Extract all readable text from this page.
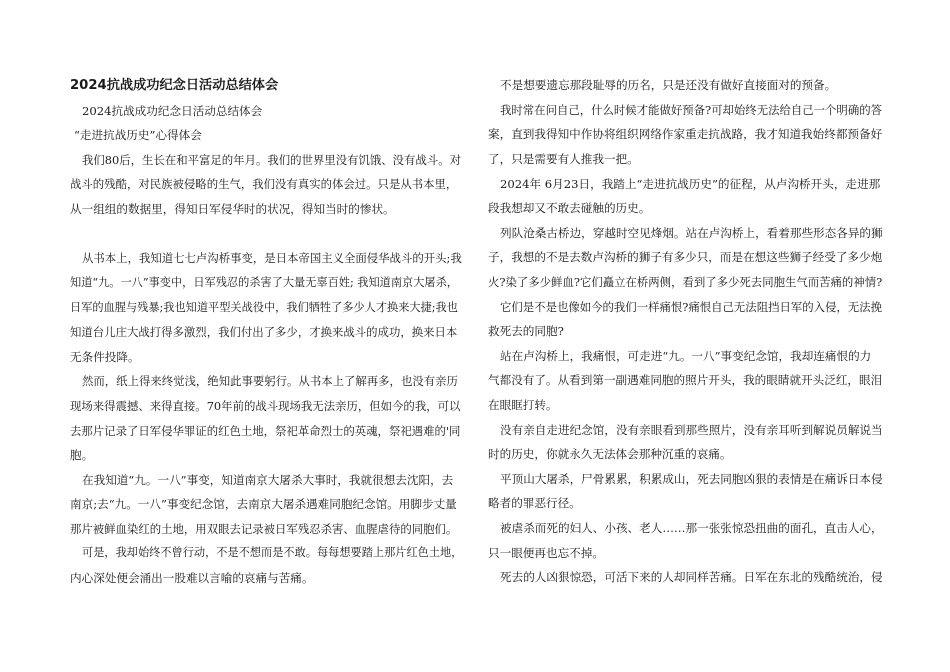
2024抗战成功纪念日活动总结体会
2024抗战成功纪念日活动总结体会
“走进抗战历史”心得体会
我们80后，生长在和平富足的年月。我们的世界里没有饥饿、没有战斗。对
战斗的残酷，对民族被侵略的生气，我们没有真实的体会过。只是从书本里，
从一组组的数据里，得知日军侵华时的状况，得知当时的惨状。
从书本上，我知道七七卢沟桥事变，是日本帝国主义全面侵华战斗的开头;我
知道“九。一八”事变中，日军残忍的杀害了大量无辜百姓; 我知道南京大屠杀，
日军的血腥与残暴;我也知道平型关战役中，我们牺牲了多少人才换来大捷;我也
知道台儿庄大战打得多激烈，我们付出了多少，才换来战斗的成功，换来日本
无条件投降。
然而，纸上得来终觉浅，绝知此事要躬行。从书本上了解再多，也没有亲历
现场来得震撼、来得直接。70年前的战斗现场我无法亲历，但如今的我，可以
去那片记录了日军侵华罪证的红色土地，祭祀革命烈士的英魂，祭祀遇难的'同
胞。
在我知道“九。一八”事变，知道南京大屠杀大事时，我就很想去沈阳，去
南京;去“九。一八”事变纪念馆，去南京大屠杀遇难同胞纪念馆。用脚步丈量
那片被鲜血染红的土地，用双眼去记录被日军残忍杀害、血腥虐待的同胞们。
可是，我却始终不曾行动，不是不想而是不敢。每每想要踏上那片红色土地，
内心深处便会涌出一股难以言喻的哀痛与苦痛。
不是想要遗忘那段耻辱的历名，只是还没有做好直接面对的预备。
我时常在问自己，什么时候才能做好预备?可却始终无法给自己一个明确的答
案，直到我得知中作协将组织网络作家重走抗战路，我才知道我始终都预备好
了，只是需要有人推我一把。
2024年 6月23日，我踏上“走进抗战历史”的征程，从卢沟桥开头，走进那
段我想却又不敢去碰触的历史。
列队沧桑古桥边，穿越时空见烽烟。站在卢沟桥上，看着那些形态各异的狮
子，我想的不是去数卢沟桥的狮子有多少只，而是在想这些狮子经受了多少炮
火?染了多少鲜血?它们矗立在桥两侧，看到了多少死去同胞生气而苦痛的神情?
它们是不是也像如今的我们一样痛恨?痛恨自己无法阻挡日军的入侵，无法挽
救死去的同胞?
站在卢沟桥上，我痛恨，可走进“九。一八”事变纪念馆，我却连痛恨的力
气都没有了。从看到第一副遇难同胞的照片开头，我的眼睛就开头泛红，眼泪
在眼眶打转。
没有亲自走进纪念馆，没有亲眼看到那些照片，没有亲耳听到解说员解说当
时的历史，你就永久无法体会那种沉重的哀痛。
平顶山大屠杀，尸骨累累，积累成山，死去同胞凶狠的表情是在痛诉日本侵
略者的罪恶行径。
被虐杀而死的妇人、小孩、老人……那一张张惊恐扭曲的面孔，直击人心，
只一眼便再也忘不掉。
死去的人凶狠惊恐，可活下来的人却同样苦痛。日军在东北的残酷统治，侵
